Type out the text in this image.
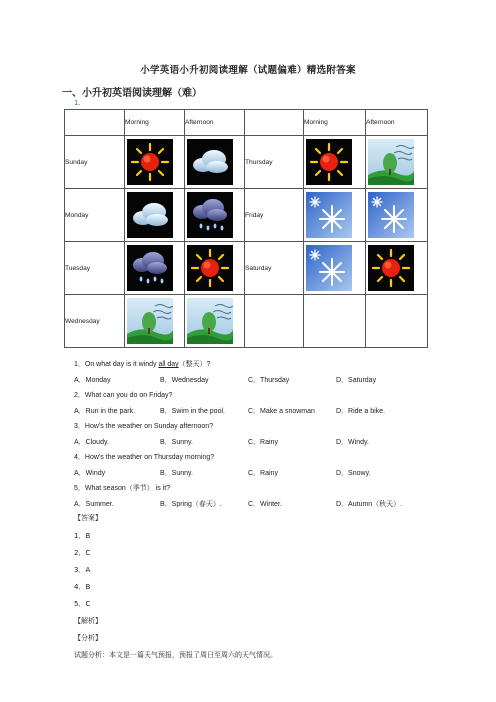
小学英语小升初阅读理解（试题偏难）精选附答案
一、小升初英语阅读理解（难）
1.
	Morning	Afternoon		Morning	Afternoon
Sunday			Thursday	

Monday			Friday	

Tuesday			Saturday	

Wednesday	

1．On what day is it windy all day（整天）?
A．Monday	B．Wednesday	C．Thursday	D．Saturday
2．What can you do on Friday?
A．Run in the park.	B．Swim in the pool.	C．Make a snowman	D．Ride a bike.
3．How's the weather on Sunday afternoon?
A．Cloudy.	B．Sunny.	C．Rainy	D．Windy.
4．How's the weather on Thursday morning?
A．Windy	B．Sunny.	C．Rainy	D．Snowy.
5．What season（季节） is it?
A．Summer.	B．Spring（春天）.	C．Winter.	D．Autumn（秋天）.
【答案】
1．B
2．C
3．A
4．B
5．C
【解析】
【分析】
试题分析：本文是一篇天气预报，预报了周日至周六的天气情况。
